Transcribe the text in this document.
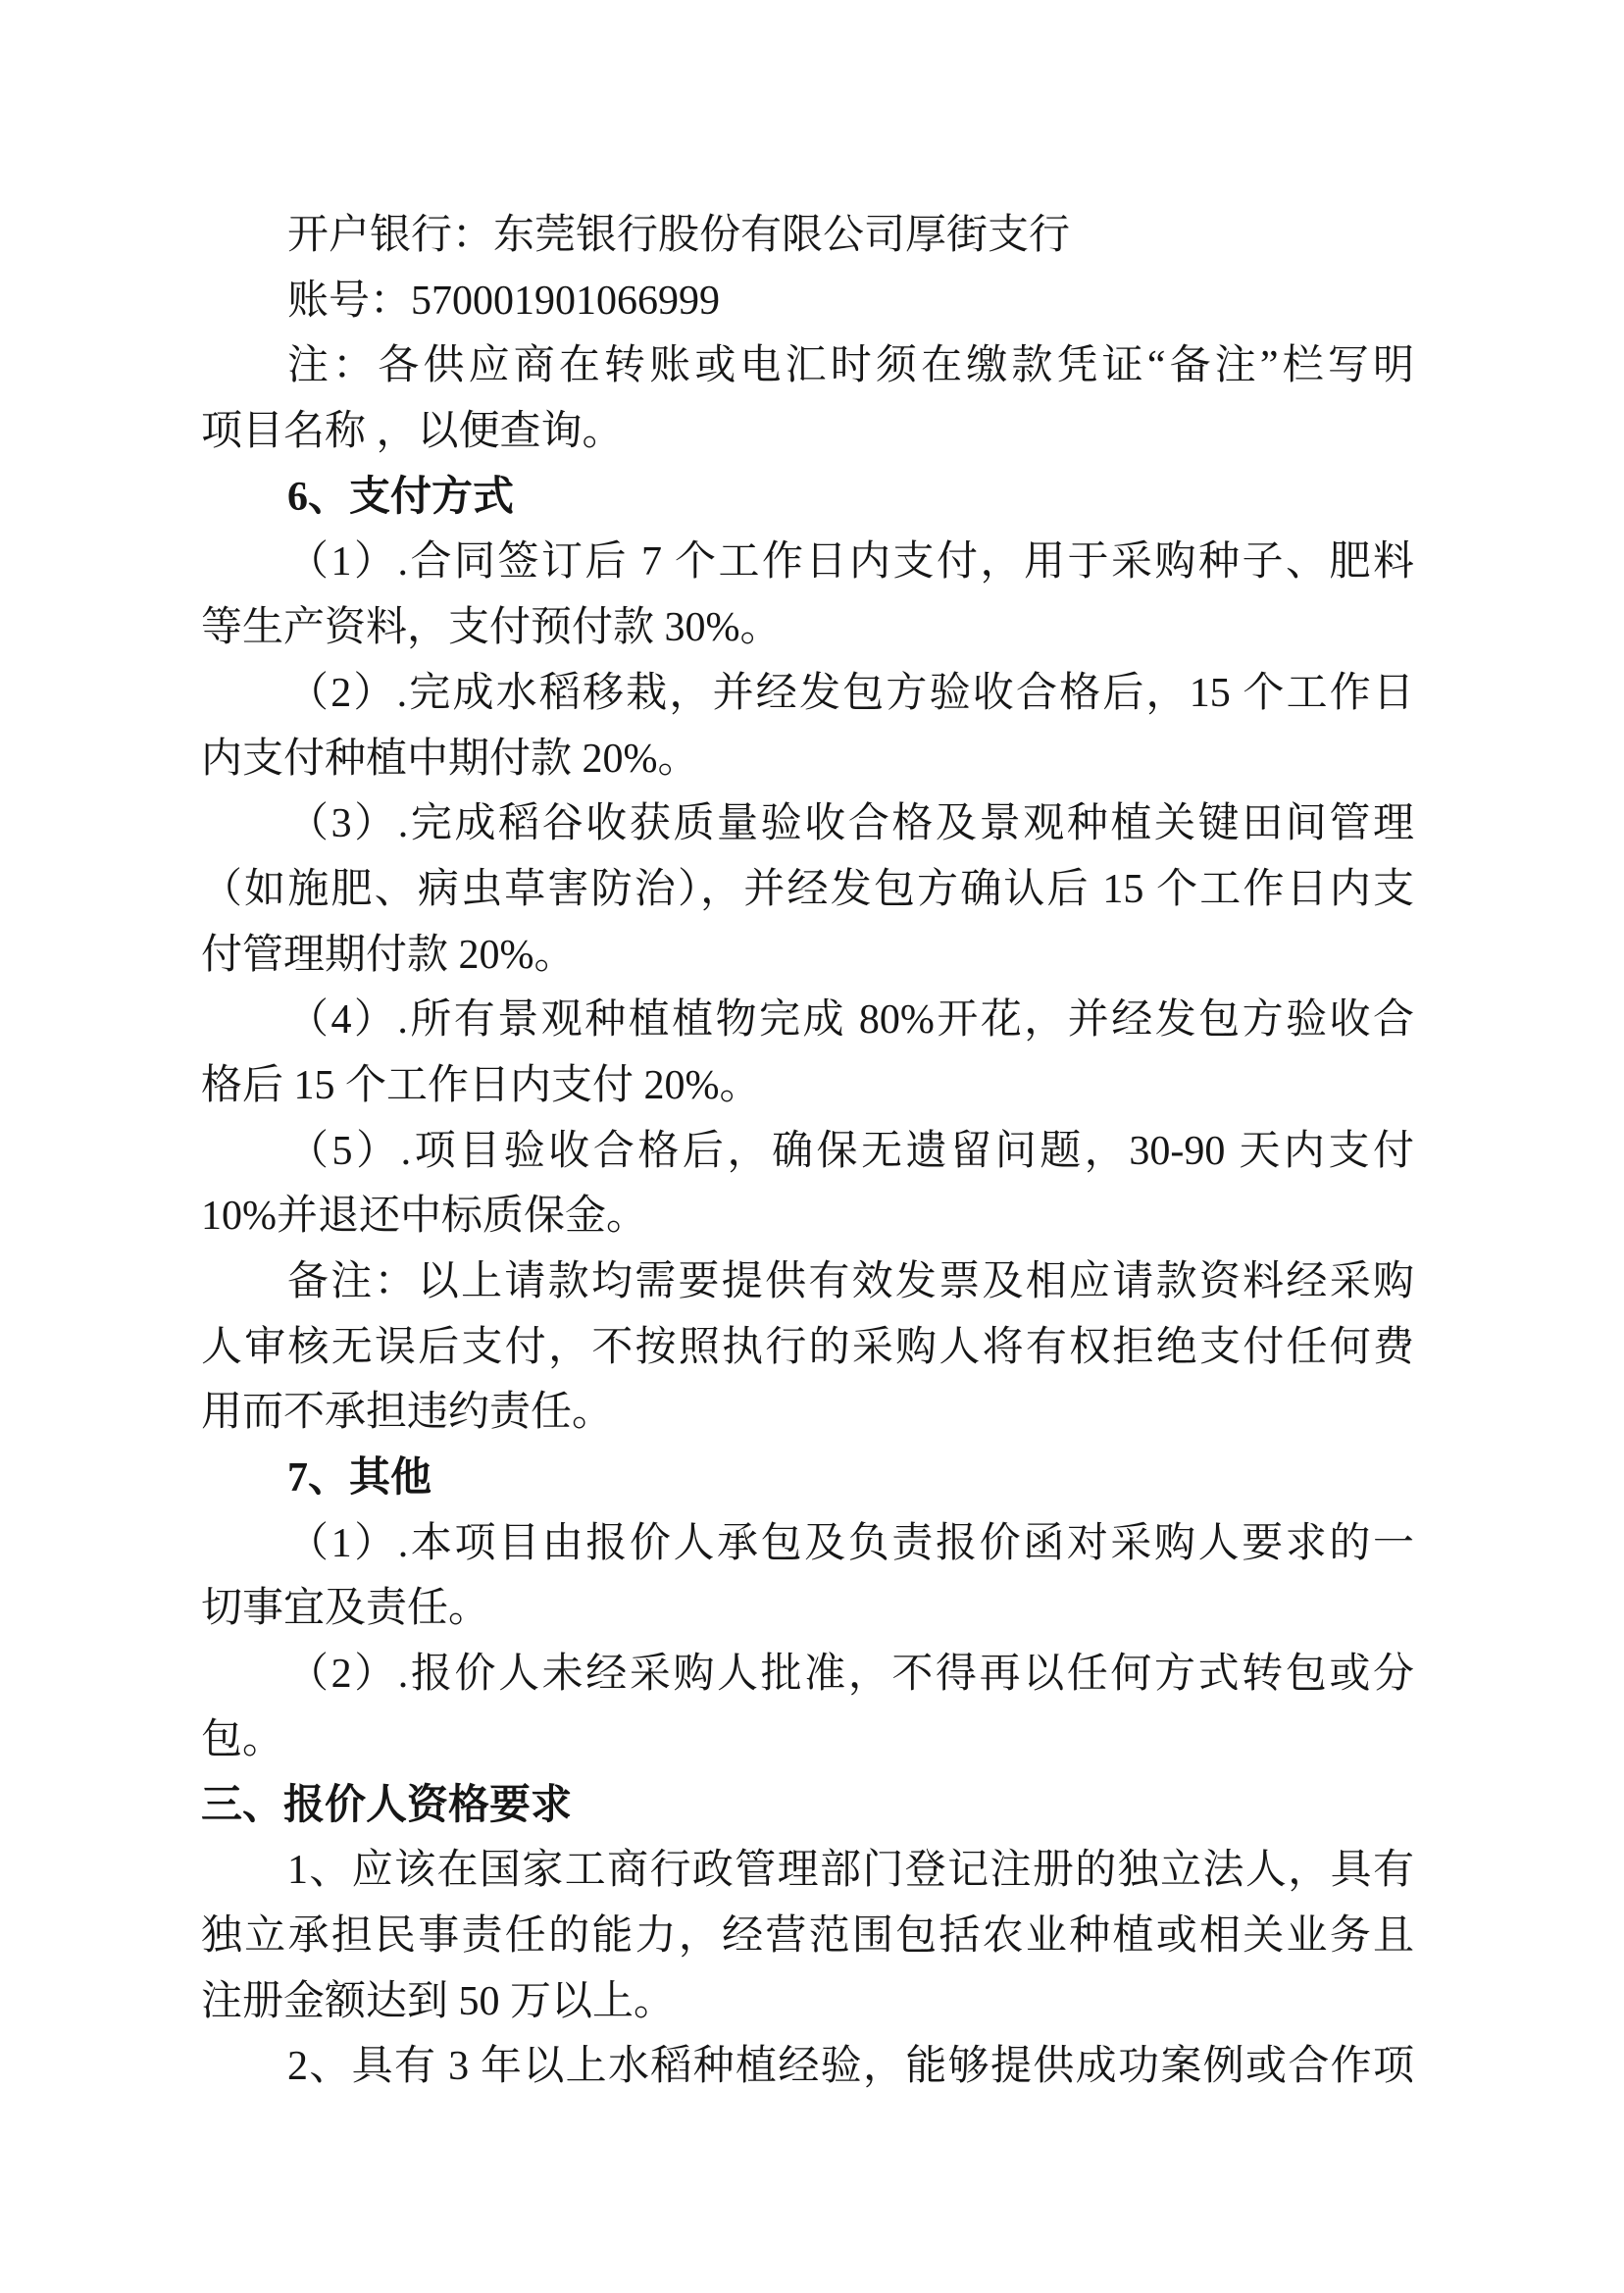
开户银行：东莞银行股份有限公司厚街支行
账号：570001901066999
注：各供应商在转账或电汇时须在缴款凭证“备注”栏写明
项目名称 ，以便查询。
6、支付方式
（1）.合同签订后 7 个工作日内支付，用于采购种子、肥料
等生产资料，支付预付款 30%。
（2）.完成水稻移栽，并经发包方验收合格后，15 个工作日
内支付种植中期付款 20%。
（3）.完成稻谷收获质量验收合格及景观种植关键田间管理
（如施肥、病虫草害防治），并经发包方确认后 15 个工作日内支
付管理期付款 20%。
（4）.所有景观种植植物完成 80%开花，并经发包方验收合
格后 15 个工作日内支付 20%。
（5）.项目验收合格后，确保无遗留问题，30-90 天内支付
10%并退还中标质保金。
备注：以上请款均需要提供有效发票及相应请款资料经采购
人审核无误后支付，不按照执行的采购人将有权拒绝支付任何费
用而不承担违约责任。
7、其他
（1）.本项目由报价人承包及负责报价函对采购人要求的一
切事宜及责任。
（2）.报价人未经采购人批准，不得再以任何方式转包或分
包。
三、报价人资格要求
1、应该在国家工商行政管理部门登记注册的独立法人，具有
独立承担民事责任的能力，经营范围包括农业种植或相关业务且
注册金额达到 50 万以上。
2、具有 3 年以上水稻种植经验，能够提供成功案例或合作项
